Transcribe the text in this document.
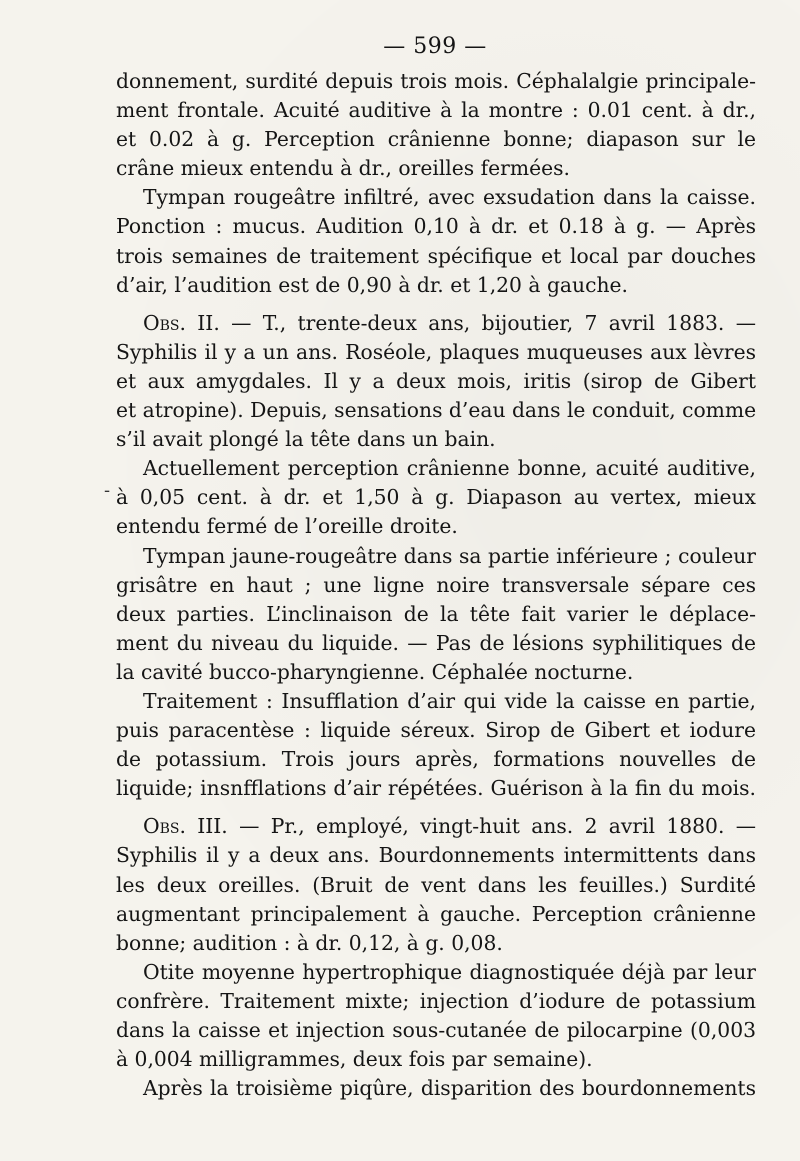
— 599 —
-
donnement, surdité depuis trois mois. Céphalalgie principale-
ment frontale. Acuité auditive à la montre : 0.01 cent. à dr.,
et 0.02 à g. Perception crânienne bonne; diapason sur le
crâne mieux entendu à dr., oreilles fermées.
Tympan rougeâtre infiltré, avec exsudation dans la caisse.
Ponction : mucus. Audition 0,10 à dr. et 0.18 à g. — Après
trois semaines de traitement spécifique et local par douches
d’air, l’audition est de 0,90 à dr. et 1,20 à gauche.
Obs. II. — T., trente-deux ans, bijoutier, 7 avril 1883. —
Syphilis il y a un ans. Roséole, plaques muqueuses aux lèvres
et aux amygdales. Il y a deux mois, iritis (sirop de Gibert
et atropine). Depuis, sensations d’eau dans le conduit, comme
s’il avait plongé la tête dans un bain.
Actuellement perception crânienne bonne, acuité auditive,
à 0,05 cent. à dr. et 1,50 à g. Diapason au vertex, mieux
entendu fermé de l’oreille droite.
Tympan jaune-rougeâtre dans sa partie inférieure ; couleur
grisâtre en haut ; une ligne noire transversale sépare ces
deux parties. L’inclinaison de la tête fait varier le déplace-
ment du niveau du liquide. — Pas de lésions syphilitiques de
la cavité bucco-pharyngienne. Céphalée nocturne.
Traitement : Insufflation d’air qui vide la caisse en partie,
puis paracentèse : liquide séreux. Sirop de Gibert et iodure
de potassium. Trois jours après, formations nouvelles de
liquide; insnfflations d’air répétées. Guérison à la fin du mois.
Obs. III. — Pr., employé, vingt-huit ans. 2 avril 1880. —
Syphilis il y a deux ans. Bourdonnements intermittents dans
les deux oreilles. (Bruit de vent dans les feuilles.) Surdité
augmentant principalement à gauche. Perception crânienne
bonne; audition : à dr. 0,12, à g. 0,08.
Otite moyenne hypertrophique diagnostiquée déjà par leur
confrère. Traitement mixte; injection d’iodure de potassium
dans la caisse et injection sous-cutanée de pilocarpine (0,003
à 0,004 milligrammes, deux fois par semaine).
Après la troisième piqûre, disparition des bourdonnements
